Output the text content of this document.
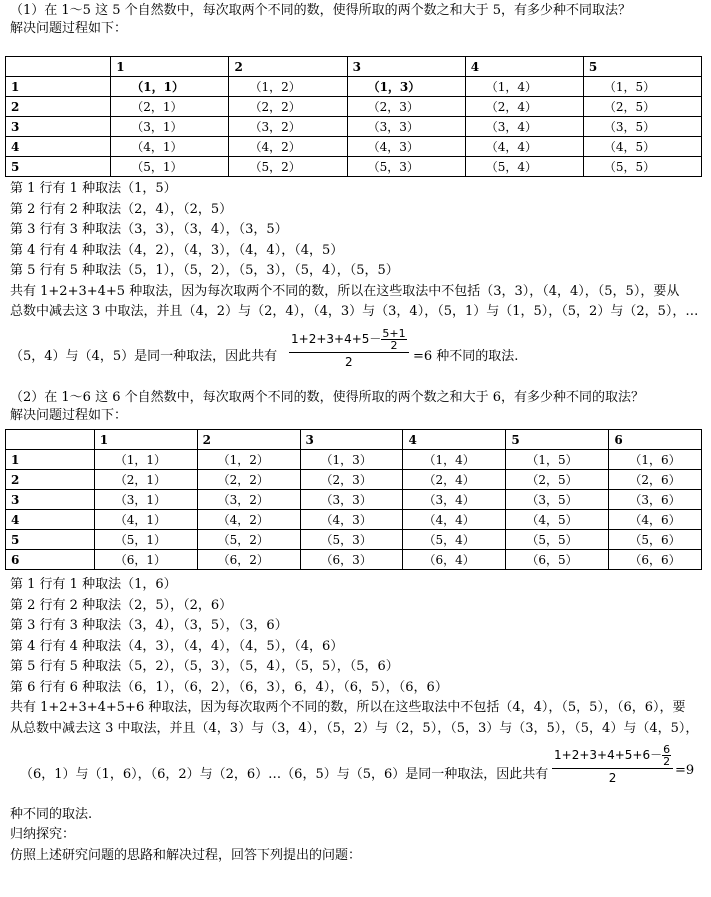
（1）在 1～5 这 5 个自然数中，每次取两个不同的数，使得所取的两个数之和大于 5，有多少种不同取法？
解决问题过程如下：
	1	2	3	4	5
1	（1，1）	（1，2）	（1，3）	（1，4）	（1，5）
2	（2，1）	（2，2）	（2，3）	（2，4）	（2，5）
3	（3，1）	（3，2）	（3，3）	（3，4）	（3，5）
4	（4，1）	（4，2）	（4，3）	（4，4）	（4，5）
5	（5，1）	（5，2）	（5，3）	（5，4）	（5，5）
第 1 行有 1 种取法（1，5）
第 2 行有 2 种取法（2，4），（2，5）
第 3 行有 3 种取法（3，3），（3，4），（3，5）
第 4 行有 4 种取法（4，2），（4，3），（4，4），（4，5）
第 5 行有 5 种取法（5，1），（5，2），（5，3），（5，4），（5，5）
共有 1+2+3+4+5 种取法，因为每次取两个不同的数，所以在这些取法中不包括（3，3），（4，4），（5，5），要从
总数中减去这 3 中取法，并且（4，2）与（2，4），（4，3）与（3，4），（5，1）与（1，5），（5，2）与（2，5），…
（5，4）与（4，5）是同一种取法，因此共有 $\frac{1+2+3+4+5- \frac{5+1}{2}}{2} =6$ 种不同的取法.
（2）在 1～6 这 6 个自然数中，每次取两个不同的数，使得所取的两个数之和大于 6，有多少种不同的取法？
解决问题过程如下：
	1	2	3	4	5	6
1	（1，1）	（1，2）	（1，3）	（1，4）	（1，5）	（1，6）
2	（2，1）	（2，2）	（2，3）	（2，4）	（2，5）	（2，6）
3	（3，1）	（3，2）	（3，3）	（3，4）	（3，5）	（3，6）
4	（4，1）	（4，2）	（4，3）	（4，4）	（4，5）	（4，6）
5	（5，1）	（5，2）	（5，3）	（5，4）	（5，5）	（5，6）
6	（6，1）	（6，2）	（6，3）	（6，4）	（6，5）	（6，6）
第 1 行有 1 种取法（1，6）
第 2 行有 2 种取法（2，5），（2，6）
第 3 行有 3 种取法（3，4），（3，5），（3，6）
第 4 行有 4 种取法（4，3），（4，4），（4，5），（4，6）
第 5 行有 5 种取法（5，2），（5，3），（5，4），（5，5），（5，6）
第 6 行有 6 种取法（6，1），（6，2），（6，3），6，4），（6，5），（6，6）
共有 1+2+3+4+5+6 种取法，因为每次取两个不同的数，所以在这些取法中不包括（4，4），（5，5），（6，6），要
从总数中减去这 3 中取法，并且（4，3）与（3，4），（5，2）与（2，5），（5，3）与（3，5），（5，4）与（4，5），
（6，1）与（1，6），（6，2）与（2，6）…（6，5）与（5，6）是同一种取法，因此共有 $\frac{1+2+3+4+5+6- \frac{6}{2}}{2} =9$
种不同的取法.
归纳探究：
仿照上述研究问题的思路和解决过程，回答下列提出的问题：
